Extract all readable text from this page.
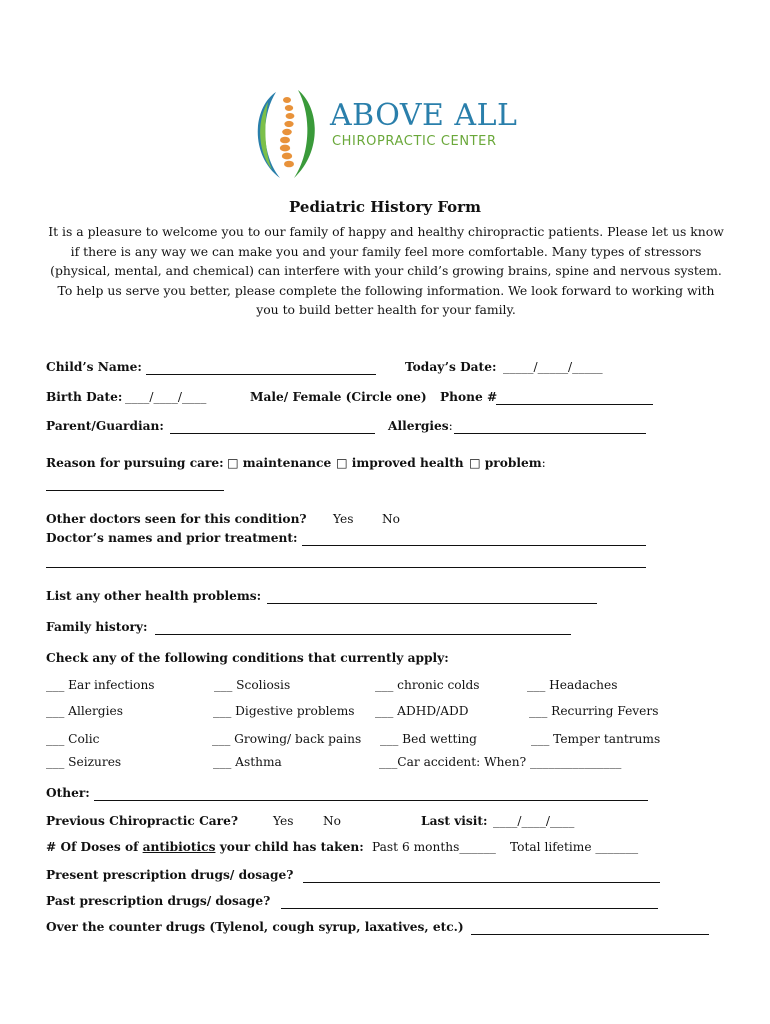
ABOVE ALL
CHIROPRACTIC CENTER
Pediatric History Form
It is a pleasure to welcome you to our family of happy and healthy chiropractic patients. Please let us know if there is any way we can make you and your family feel more comfortable. Many types of stressors (physical, mental, and chemical) can interfere with your child’s growing brains, spine and nervous system. To help us serve you better, please complete the following information. We look forward to working with you to build better health for your family.
Child’s Name:	Today’s Date: _____/_____/_____
Birth Date: ____/____/____	Male/ Female (Circle one) Phone #
Parent/Guardian:	Allergies:
Reason for pursuing care: □ maintenance □ improved health □ problem:
Other doctors seen for this condition? Yes No
Doctor’s names and prior treatment:
List any other health problems:
Family history:
Check any of the following conditions that currently apply:
___ Ear infections	___ Scoliosis	___ chronic colds	___ Headaches
___ Allergies	___ Digestive problems ___ ADHD/ADD	___ Recurring Fevers
___ Colic	___ Growing/ back pains ___ Bed wetting	___ Temper tantrums
___ Seizures	___ Asthma	___Car accident: When? _______________
Other:
Previous Chiropractic Care?	Yes No	Last visit: ____/____/____
# Of Doses of antibiotics your child has taken: Past 6 months______ Total lifetime _______
Present prescription drugs/ dosage?
Past prescription drugs/ dosage?
Over the counter drugs (Tylenol, cough syrup, laxatives, etc.)
